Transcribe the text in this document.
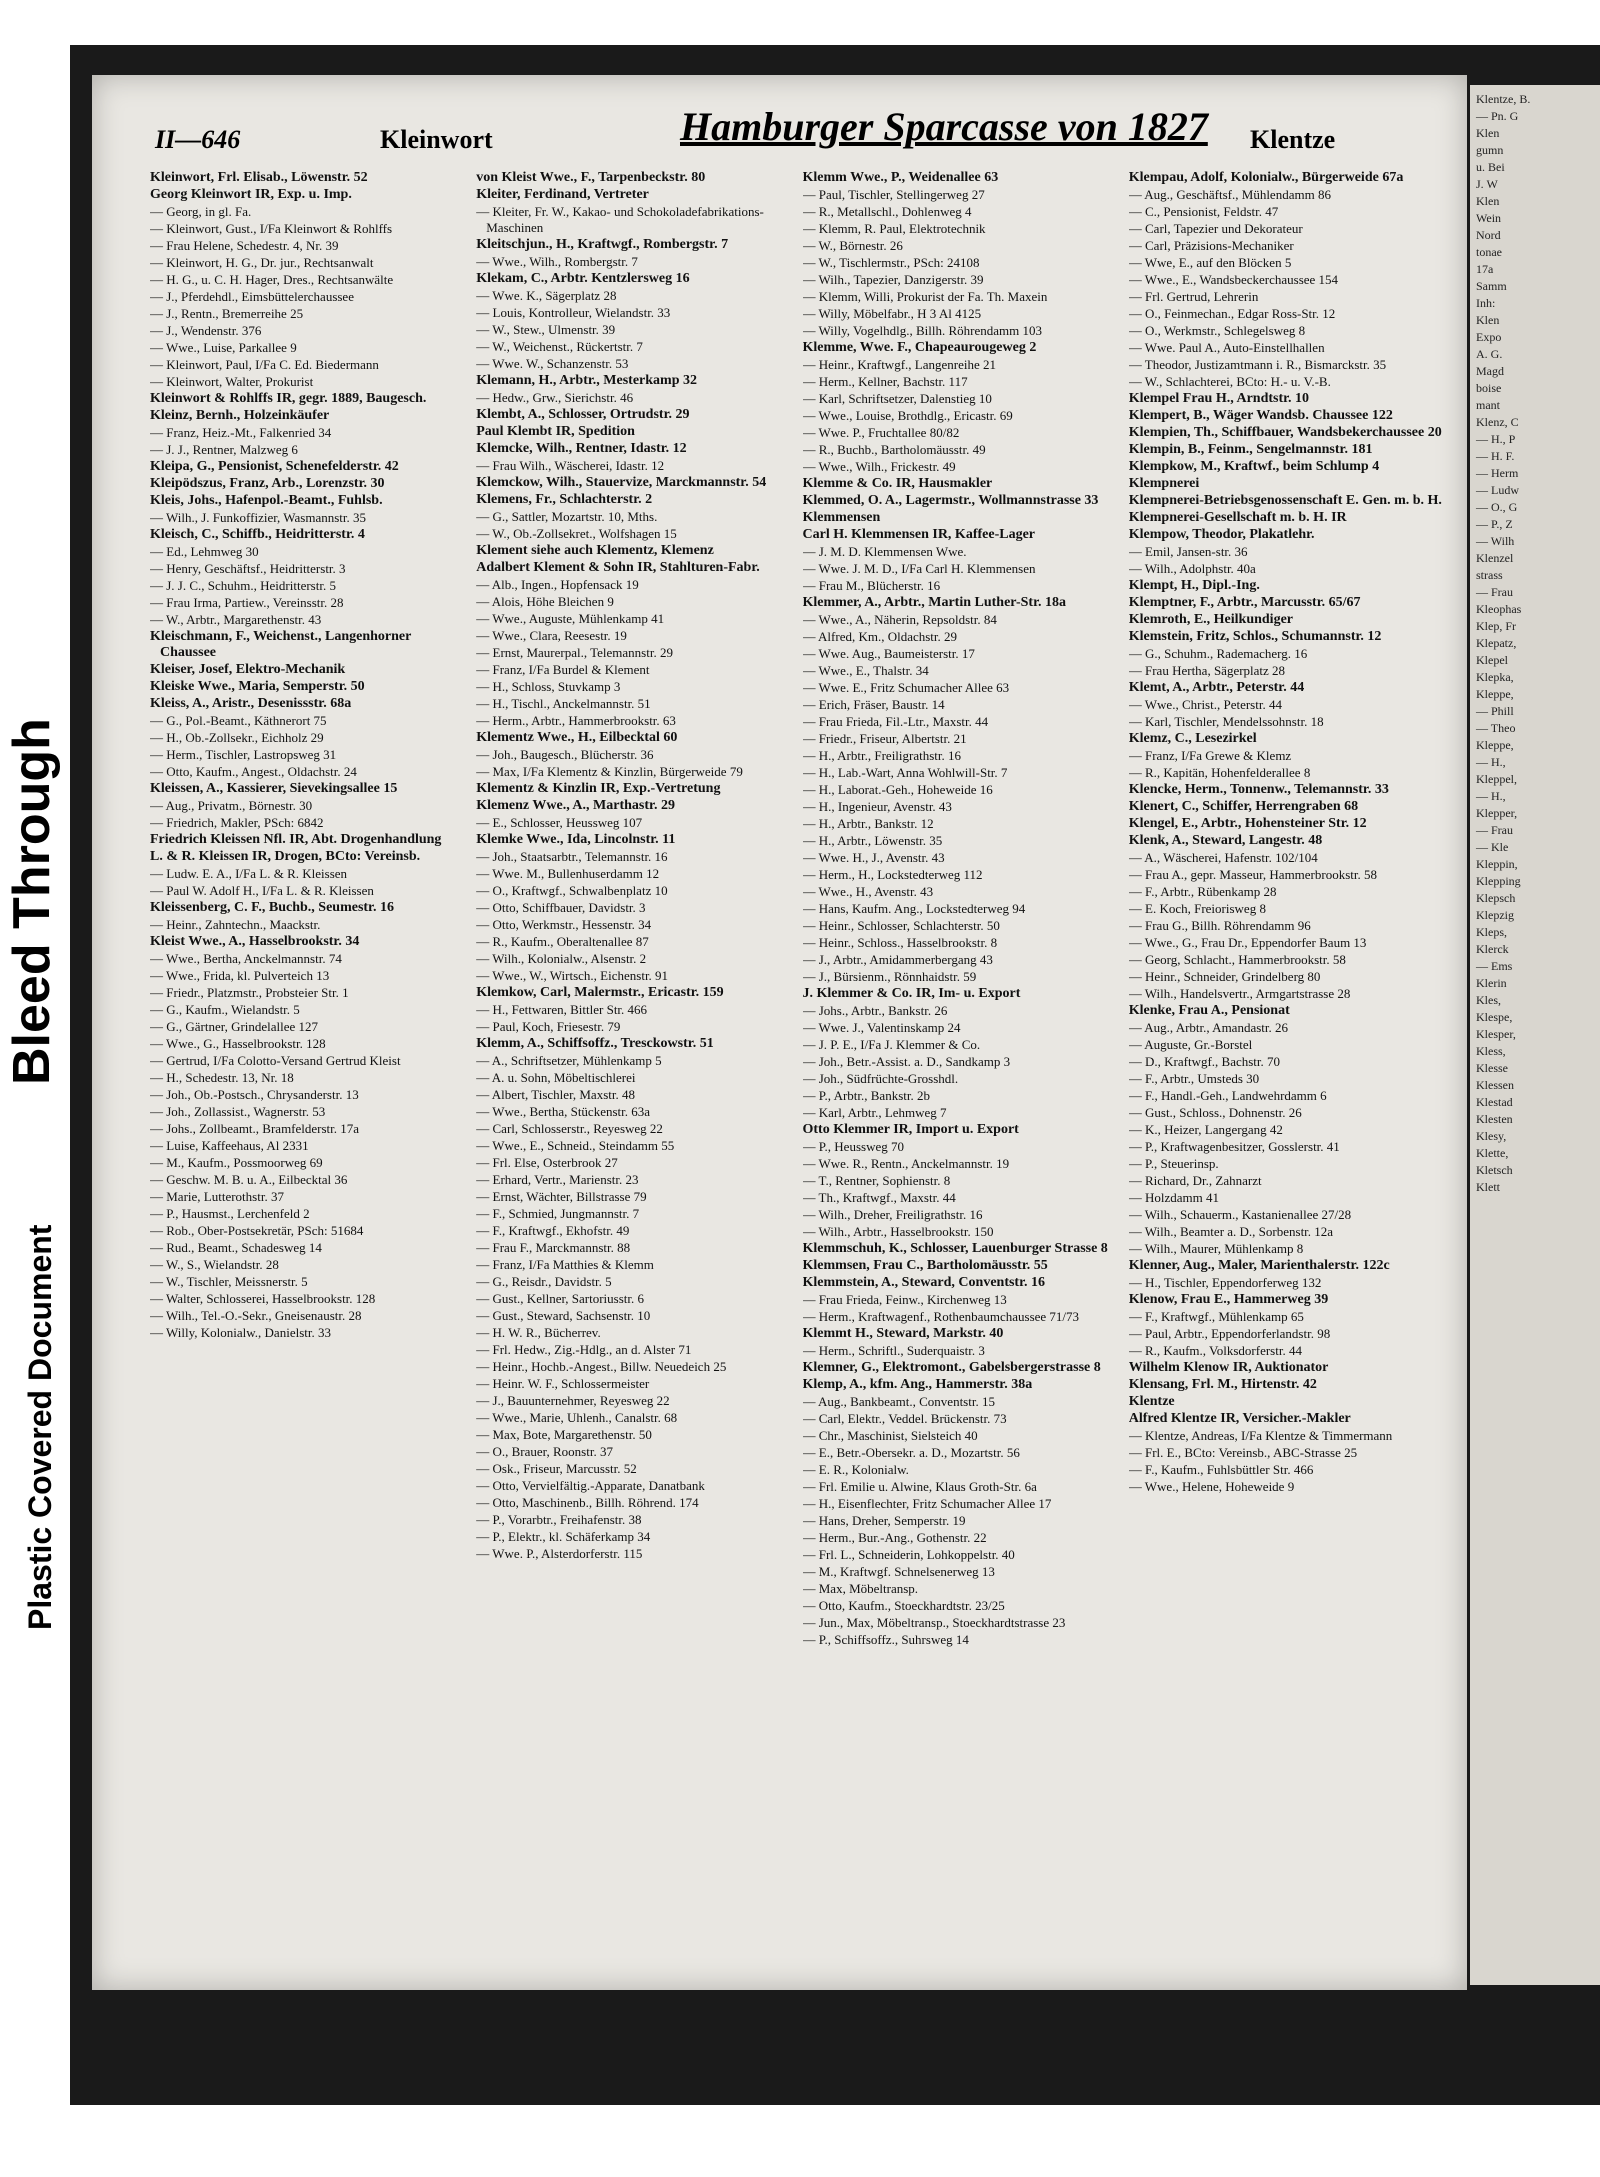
Bleed Through
Plastic Covered Document
Klentze, B.
— Pn. G
Klen
gumn
u. Bei
J. W
Klen
Wein
Nord
tonae
17a
Samm
Inh:
Klen
Expo
A. G.
Magd
boise
mant
Klenz, C
— H., P
— H. F.
— Herm
— Ludw
— O., G
— P., Z
— Wilh
Klenzel
strass
— Frau
Kleophas
Klep, Fr
Klepatz,
Klepel
Klepka,
Kleppe,
— Phill
— Theo
Kleppe,
— H.,
Kleppel,
— H.,
Klepper,
— Frau
— Kle
Kleppin,
Klepping
Klepsch
Klepzig
Kleps,
Klerck
— Ems
Klerin
Kles,
Klespe,
Klesper,
Kless,
Klesse
Klessen
Klestad
Klesten
Klesy,
Klette,
Kletsch
Klett
II—646	Kleinwort	Hamburger Sparcasse von 1827 Klentze
Kleinwort, Frl. Elisab., Löwenstr. 52
Georg Kleinwort IR, Exp. u. Imp.
— Georg, in gl. Fa.
— Kleinwort, Gust., I/Fa Kleinwort & Rohlffs
— Frau Helene, Schedestr. 4, Nr. 39
— Kleinwort, H. G., Dr. jur., Rechtsanwalt
— H. G., u. C. H. Hager, Dres., Rechtsanwälte
— J., Pferdehdl., Eimsbüttelerchaussee
— J., Rentn., Bremerreihe 25
— J., Wendenstr. 376
— Wwe., Luise, Parkallee 9
— Kleinwort, Paul, I/Fa C. Ed. Biedermann
— Kleinwort, Walter, Prokurist
Kleinwort & Rohlffs IR, gegr. 1889, Baugesch.
Kleinz, Bernh., Holzeinkäufer
— Franz, Heiz.-Mt., Falkenried 34
— J. J., Rentner, Malzweg 6
Kleipa, G., Pensionist, Schenefelderstr. 42
Kleipödszus, Franz, Arb., Lorenzstr. 30
Kleis, Johs., Hafenpol.-Beamt., Fuhlsb.
— Wilh., J. Funkoffizier, Wasmannstr. 35
Kleisch, C., Schiffb., Heidritterstr. 4
— Ed., Lehmweg 30
— Henry, Geschäftsf., Heidritterstr. 3
— J. J. C., Schuhm., Heidritterstr. 5
— Frau Irma, Partiew., Vereinsstr. 28
— W., Arbtr., Margarethenstr. 43
Kleischmann, F., Weichenst., Langenhorner Chaussee
Kleiser, Josef, Elektro-Mechanik
Kleiske Wwe., Maria, Semperstr. 50
Kleiss, A., Aristr., Desenissstr. 68a
— G., Pol.-Beamt., Käthnerort 75
— H., Ob.-Zollsekr., Eichholz 29
— Herm., Tischler, Lastropsweg 31
— Otto, Kaufm., Angest., Oldachstr. 24
Kleissen, A., Kassierer, Sievekingsallee 15
— Aug., Privatm., Börnestr. 30
— Friedrich, Makler, PSch: 6842
Friedrich Kleissen Nfl. IR, Abt. Drogenhandlung
L. & R. Kleissen IR, Drogen, BCto: Vereinsb.
— Ludw. E. A., I/Fa L. & R. Kleissen
— Paul W. Adolf H., I/Fa L. & R. Kleissen
Kleissenberg, C. F., Buchb., Seumestr. 16
— Heinr., Zahntechn., Maackstr.
Kleist Wwe., A., Hasselbrookstr. 34
— Wwe., Bertha, Anckelmannstr. 74
— Wwe., Frida, kl. Pulverteich 13
— Friedr., Platzmstr., Probsteier Str. 1
— G., Kaufm., Wielandstr. 5
— G., Gärtner, Grindelallee 127
— Wwe., G., Hasselbrookstr. 128
— Gertrud, I/Fa Colotto-Versand Gertrud Kleist
— H., Schedestr. 13, Nr. 18
— Joh., Ob.-Postsch., Chrysanderstr. 13
— Joh., Zollassist., Wagnerstr. 53
— Johs., Zollbeamt., Bramfelderstr. 17a
— Luise, Kaffeehaus, Al 2331
— M., Kaufm., Possmoorweg 69
— Geschw. M. B. u. A., Eilbecktal 36
— Marie, Lutterothstr. 37
— P., Hausmst., Lerchenfeld 2
— Rob., Ober-Postsekretär, PSch: 51684
— Rud., Beamt., Schadesweg 14
— W., S., Wielandstr. 28
— W., Tischler, Meissnerstr. 5
— Walter, Schlosserei, Hasselbrookstr. 128
— Wilh., Tel.-O.-Sekr., Gneisenaustr. 28
— Willy, Kolonialw., Danielstr. 33
von Kleist Wwe., F., Tarpenbeckstr. 80
Kleiter, Ferdinand, Vertreter
— Kleiter, Fr. W., Kakao- und Schokoladefabrikations-Maschinen
Kleitschjun., H., Kraftwgf., Rombergstr. 7
— Wwe., Wilh., Rombergstr. 7
Klekam, C., Arbtr. Kentzlersweg 16
— Wwe. K., Sägerplatz 28
— Louis, Kontrolleur, Wielandstr. 33
— W., Stew., Ulmenstr. 39
— W., Weichenst., Rückertstr. 7
— Wwe. W., Schanzenstr. 53
Klemann, H., Arbtr., Mesterkamp 32
— Hedw., Grw., Sierichstr. 46
Klembt, A., Schlosser, Ortrudstr. 29
Paul Klembt IR, Spedition
Klemcke, Wilh., Rentner, Idastr. 12
— Frau Wilh., Wäscherei, Idastr. 12
Klemckow, Wilh., Stauervize, Marckmannstr. 54
Klemens, Fr., Schlachterstr. 2
— G., Sattler, Mozartstr. 10, Mths.
— W., Ob.-Zollsekret., Wolfshagen 15
Klement siehe auch Klementz, Klemenz
Adalbert Klement & Sohn IR, Stahlturen-Fabr.
— Alb., Ingen., Hopfensack 19
— Alois, Höhe Bleichen 9
— Wwe., Auguste, Mühlenkamp 41
— Wwe., Clara, Reesestr. 19
— Ernst, Maurerpal., Telemannstr. 29
— Franz, I/Fa Burdel & Klement
— H., Schloss, Stuvkamp 3
— H., Tischl., Anckelmannstr. 51
— Herm., Arbtr., Hammerbrookstr. 63
Klementz Wwe., H., Eilbecktal 60
— Joh., Baugesch., Blücherstr. 36
— Max, I/Fa Klementz & Kinzlin, Bürgerweide 79
Klementz & Kinzlin IR, Exp.-Vertretung
Klemenz Wwe., A., Marthastr. 29
— E., Schlosser, Heussweg 107
Klemke Wwe., Ida, Lincolnstr. 11
— Joh., Staatsarbtr., Telemannstr. 16
— Wwe. M., Bullenhuserdamm 12
— O., Kraftwgf., Schwalbenplatz 10
— Otto, Schiffbauer, Davidstr. 3
— Otto, Werkmstr., Hessenstr. 34
— R., Kaufm., Oberaltenallee 87
— Wilh., Kolonialw., Alsenstr. 2
— Wwe., W., Wirtsch., Eichenstr. 91
Klemkow, Carl, Malermstr., Ericastr. 159
— H., Fettwaren, Bittler Str. 466
— Paul, Koch, Friesestr. 79
Klemm, A., Schiffsoffz., Tresckowstr. 51
— A., Schriftsetzer, Mühlenkamp 5
— A. u. Sohn, Möbeltischlerei
— Albert, Tischler, Maxstr. 48
— Wwe., Bertha, Stückenstr. 63a
— Carl, Schlosserstr., Reyesweg 22
— Wwe., E., Schneid., Steindamm 55
— Frl. Else, Osterbrook 27
— Erhard, Vertr., Marienstr. 23
— Ernst, Wächter, Billstrasse 79
— F., Schmied, Jungmannstr. 7
— F., Kraftwgf., Ekhofstr. 49
— Frau F., Marckmannstr. 88
— Franz, I/Fa Matthies & Klemm
— G., Reisdr., Davidstr. 5
— Gust., Kellner, Sartoriusstr. 6
— Gust., Steward, Sachsenstr. 10
— H. W. R., Bücherrev.
— Frl. Hedw., Zig.-Hdlg., an d. Alster 71
— Heinr., Hochb.-Angest., Billw. Neuedeich 25
— Heinr. W. F., Schlossermeister
— J., Bauunternehmer, Reyesweg 22
— Wwe., Marie, Uhlenh., Canalstr. 68
— Max, Bote, Margarethenstr. 50
— O., Brauer, Roonstr. 37
— Osk., Friseur, Marcusstr. 52
— Otto, Vervielfältig.-Apparate, Danatbank
— Otto, Maschinenb., Billh. Röhrend. 174
— P., Vorarbtr., Freihafenstr. 38
— P., Elektr., kl. Schäferkamp 34
— Wwe. P., Alsterdorferstr. 115
Klemm Wwe., P., Weidenallee 63
— Paul, Tischler, Stellingerweg 27
— R., Metallschl., Dohlenweg 4
— Klemm, R. Paul, Elektrotechnik
— W., Börnestr. 26
— W., Tischlermstr., PSch: 24108
— Wilh., Tapezier, Danzigerstr. 39
— Klemm, Willi, Prokurist der Fa. Th. Maxein
— Willy, Möbelfabr., H 3 Al 4125
— Willy, Vogelhdlg., Billh. Röhrendamm 103
Klemme, Wwe. F., Chapeaurougeweg 2
— Heinr., Kraftwgf., Langenreihe 21
— Herm., Kellner, Bachstr. 117
— Karl, Schriftsetzer, Dalenstieg 10
— Wwe., Louise, Brothdlg., Ericastr. 69
— Wwe. P., Fruchtallee 80/82
— R., Buchb., Bartholomäusstr. 49
— Wwe., Wilh., Frickestr. 49
Klemme & Co. IR, Hausmakler
Klemmed, O. A., Lagermstr., Wollmannstrasse 33
Klemmensen
Carl H. Klemmensen IR, Kaffee-Lager
— J. M. D. Klemmensen Wwe.
— Wwe. J. M. D., I/Fa Carl H. Klemmensen
— Frau M., Blücherstr. 16
Klemmer, A., Arbtr., Martin Luther-Str. 18a
— Wwe., A., Näherin, Repsoldstr. 84
— Alfred, Km., Oldachstr. 29
— Wwe. Aug., Baumeisterstr. 17
— Wwe., E., Thalstr. 34
— Wwe. E., Fritz Schumacher Allee 63
— Erich, Fräser, Baustr. 14
— Frau Frieda, Fil.-Ltr., Maxstr. 44
— Friedr., Friseur, Albertstr. 21
— H., Arbtr., Freiligrathstr. 16
— H., Lab.-Wart, Anna Wohlwill-Str. 7
— H., Laborat.-Geh., Hoheweide 16
— H., Ingenieur, Avenstr. 43
— H., Arbtr., Bankstr. 12
— H., Arbtr., Löwenstr. 35
— Wwe. H., J., Avenstr. 43
— Herm., H., Lockstedterweg 112
— Wwe., H., Avenstr. 43
— Hans, Kaufm. Ang., Lockstedterweg 94
— Heinr., Schlosser, Schlachterstr. 50
— Heinr., Schloss., Hasselbrookstr. 8
— J., Arbtr., Amidammerbergang 43
— J., Bürsienm., Rönnhaidstr. 59
J. Klemmer & Co. IR, Im- u. Export
— Johs., Arbtr., Bankstr. 26
— Wwe. J., Valentinskamp 24
— J. P. E., I/Fa J. Klemmer & Co.
— Joh., Betr.-Assist. a. D., Sandkamp 3
— Joh., Südfrüchte-Grosshdl.
— P., Arbtr., Bankstr. 2b
— Karl, Arbtr., Lehmweg 7
Otto Klemmer IR, Import u. Export
— P., Heussweg 70
— Wwe. R., Rentn., Anckelmannstr. 19
— T., Rentner, Sophienstr. 8
— Th., Kraftwgf., Maxstr. 44
— Wilh., Dreher, Freiligrathstr. 16
— Wilh., Arbtr., Hasselbrookstr. 150
Klemmschuh, K., Schlosser, Lauenburger Strasse 8
Klemmsen, Frau C., Bartholomäusstr. 55
Klemmstein, A., Steward, Conventstr. 16
— Frau Frieda, Feinw., Kirchenweg 13
— Herm., Kraftwagenf., Rothenbaumchaussee 71/73
Klemmt H., Steward, Markstr. 40
— Herm., Schriftl., Suderquaistr. 3
Klemner, G., Elektromont., Gabelsbergerstrasse 8
Klemp, A., kfm. Ang., Hammerstr. 38a
— Aug., Bankbeamt., Conventstr. 15
— Carl, Elektr., Veddel. Brückenstr. 73
— Chr., Maschinist, Sielsteich 40
— E., Betr.-Obersekr. a. D., Mozartstr. 56
— E. R., Kolonialw.
— Frl. Emilie u. Alwine, Klaus Groth-Str. 6a
— H., Eisenflechter, Fritz Schumacher Allee 17
— Hans, Dreher, Semperstr. 19
— Herm., Bur.-Ang., Gothenstr. 22
— Frl. L., Schneiderin, Lohkoppelstr. 40
— M., Kraftwgf. Schnelsenerweg 13
— Max, Möbeltransp.
— Otto, Kaufm., Stoeckhardtstr. 23/25
— Jun., Max, Möbeltransp., Stoeckhardtstrasse 23
— P., Schiffsoffz., Suhrsweg 14
Klempau, Adolf, Kolonialw., Bürgerweide 67a
— Aug., Geschäftsf., Mühlendamm 86
— C., Pensionist, Feldstr. 47
— Carl, Tapezier und Dekorateur
— Carl, Präzisions-Mechaniker
— Wwe, E., auf den Blöcken 5
— Wwe., E., Wandsbeckerchaussee 154
— Frl. Gertrud, Lehrerin
— O., Feinmechan., Edgar Ross-Str. 12
— O., Werkmstr., Schlegelsweg 8
— Wwe. Paul A., Auto-Einstellhallen
— Theodor, Justizamtmann i. R., Bismarckstr. 35
— W., Schlachterei, BCto: H.- u. V.-B.
Klempel Frau H., Arndtstr. 10
Klempert, B., Wäger Wandsb. Chaussee 122
Klempien, Th., Schiffbauer, Wandsbekerchaussee 20
Klempin, B., Feinm., Sengelmannstr. 181
Klempkow, M., Kraftwf., beim Schlump 4
Klempnerei
Klempnerei-Betriebsgenossenschaft E. Gen. m. b. H.
Klempnerei-Gesellschaft m. b. H. IR
Klempow, Theodor, Plakatlehr.
— Emil, Jansen-str. 36
— Wilh., Adolphstr. 40a
Klempt, H., Dipl.-Ing.
Klemptner, F., Arbtr., Marcusstr. 65/67
Klemroth, E., Heilkundiger
Klemstein, Fritz, Schlos., Schumannstr. 12
— G., Schuhm., Rademacherg. 16
— Frau Hertha, Sägerplatz 28
Klemt, A., Arbtr., Peterstr. 44
— Wwe., Christ., Peterstr. 44
— Karl, Tischler, Mendelssohnstr. 18
Klemz, C., Lesezirkel
— Franz, I/Fa Grewe & Klemz
— R., Kapitän, Hohenfelderallee 8
Klencke, Herm., Tonnenw., Telemannstr. 33
Klenert, C., Schiffer, Herrengraben 68
Klengel, E., Arbtr., Hohensteiner Str. 12
Klenk, A., Steward, Langestr. 48
— A., Wäscherei, Hafenstr. 102/104
— Frau A., gepr. Masseur, Hammerbrookstr. 58
— F., Arbtr., Rübenkamp 28
— E. Koch, Freiorisweg 8
— Frau G., Billh. Röhrendamm 96
— Wwe., G., Frau Dr., Eppendorfer Baum 13
— Georg, Schlacht., Hammerbrookstr. 58
— Heinr., Schneider, Grindelberg 80
— Wilh., Handelsvertr., Armgartstrasse 28
Klenke, Frau A., Pensionat
— Aug., Arbtr., Amandastr. 26
— Auguste, Gr.-Borstel
— D., Kraftwgf., Bachstr. 70
— F., Arbtr., Umsteds 30
— F., Handl.-Geh., Landwehrdamm 6
— Gust., Schloss., Dohnenstr. 26
— K., Heizer, Langergang 42
— P., Kraftwagenbesitzer, Gosslerstr. 41
— P., Steuerinsp.
— Richard, Dr., Zahnarzt
— Holzdamm 41
— Wilh., Schauerm., Kastanienallee 27/28
— Wilh., Beamter a. D., Sorbenstr. 12a
— Wilh., Maurer, Mühlenkamp 8
Klenner, Aug., Maler, Marienthalerstr. 122c
— H., Tischler, Eppendorferweg 132
Klenow, Frau E., Hammerweg 39
— F., Kraftwgf., Mühlenkamp 65
— Paul, Arbtr., Eppendorferlandstr. 98
— R., Kaufm., Volksdorferstr. 44
Wilhelm Klenow IR, Auktionator
Klensang, Frl. M., Hirtenstr. 42
Klentze
Alfred Klentze IR, Versicher.-Makler
— Klentze, Andreas, I/Fa Klentze & Timmermann
— Frl. E., BCto: Vereinsb., ABC-Strasse 25
— F., Kaufm., Fuhlsbüttler Str. 466
— Wwe., Helene, Hoheweide 9
